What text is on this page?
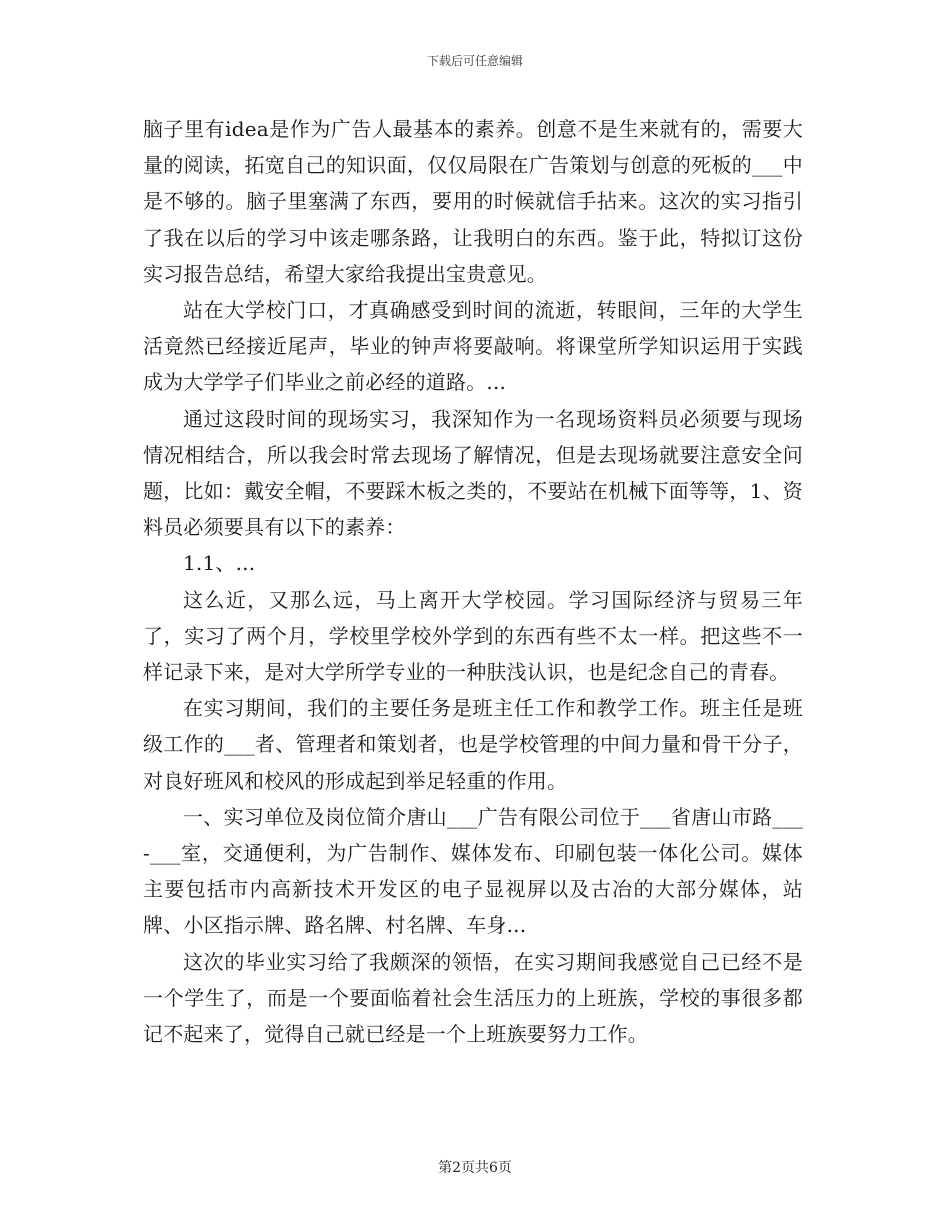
下载后可任意编辑

脑子里有idea是作为广告人最基本的素养。创意不是生来就有的，需要大量的阅读，拓宽自己的知识面，仅仅局限在广告策划与创意的死板的___中是不够的。脑子里塞满了东西，要用的时候就信手拈来。这次的实习指引了我在以后的学习中该走哪条路，让我明白的东西。鉴于此，特拟订这份实习报告总结，希望大家给我提出宝贵意见。

站在大学校门口，才真确感受到时间的流逝，转眼间，三年的大学生活竟然已经接近尾声，毕业的钟声将要敲响。将课堂所学知识运用于实践成为大学学子们毕业之前必经的道路。...

通过这段时间的现场实习，我深知作为一名现场资料员必须要与现场情况相结合，所以我会时常去现场了解情况，但是去现场就要注意安全问题，比如：戴安全帽，不要踩木板之类的，不要站在机械下面等等，1、资料员必须要具有以下的素养：

1.1、...

这么近，又那么远，马上离开大学校园。学习国际经济与贸易三年了，实习了两个月，学校里学校外学到的东西有些不太一样。把这些不一样记录下来，是对大学所学专业的一种肤浅认识，也是纪念自己的青春。

在实习期间，我们的主要任务是班主任工作和教学工作。班主任是班级工作的___者、管理者和策划者，也是学校管理的中间力量和骨干分子，对良好班风和校风的形成起到举足轻重的作用。

一、实习单位及岗位简介唐山___广告有限公司位于___省唐山市路___-___室，交通便利，为广告制作、媒体发布、印刷包装一体化公司。媒体主要包括市内高新技术开发区的电子显视屏以及古冶的大部分媒体，站牌、小区指示牌、路名牌、村名牌、车身...

这次的毕业实习给了我颇深的领悟，在实习期间我感觉自己已经不是一个学生了，而是一个要面临着社会生活压力的上班族，学校的事很多都记不起来了，觉得自己就已经是一个上班族要努力工作。

第2页共6页
